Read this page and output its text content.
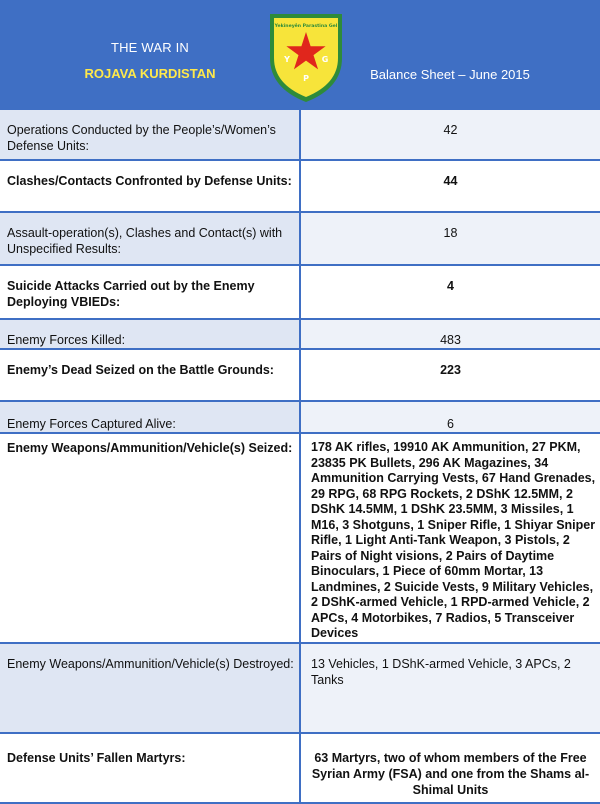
THE WAR IN
ROJAVA KURDISTAN	Balance Sheet – June 2015
Yekîneyên Parastina Gel
Y
P
G
Operations Conducted by the People’s/Women’s Defense Units:	42
Clashes/Contacts Confronted by Defense Units:	44
Assault-operation(s), Clashes and Contact(s) with Unspecified Results:	18
Suicide Attacks Carried out by the Enemy Deploying VBIEDs:	4
Enemy Forces Killed:	483
Enemy’s Dead Seized on the Battle Grounds:	223
Enemy Forces Captured Alive:	6
Enemy Weapons/Ammunition/Vehicle(s) Seized:	178 AK rifles, 19910 AK Ammunition, 27 PKM, 23835 PK Bullets, 296 AK Magazines, 34 Ammunition Carrying Vests, 67 Hand Grenades, 29 RPG, 68 RPG Rockets, 2 DShK 12.5MM, 2 DShK 14.5MM, 1 DShK 23.5MM, 3 Missiles, 1 M16, 3 Shotguns, 1 Sniper Rifle, 1 Shiyar Sniper Rifle, 1 Light Anti-Tank Weapon, 3 Pistols, 2 Pairs of Night visions, 2 Pairs of Daytime Binoculars, 1 Piece of 60mm Mortar, 13 Landmines, 2 Suicide Vests, 9 Military Vehicles, 2 DShK-armed Vehicle, 1 RPD-armed Vehicle, 2 APCs, 4 Motorbikes, 7 Radios, 5 Transceiver Devices
Enemy Weapons/Ammunition/Vehicle(s) Destroyed:	13 Vehicles, 1 DShK-armed Vehicle, 3 APCs, 2 Tanks
Defense Units’ Fallen Martyrs:	63 Martyrs, two of whom members of the Free Syrian Army (FSA) and one from the Shams al-Shimal Units
